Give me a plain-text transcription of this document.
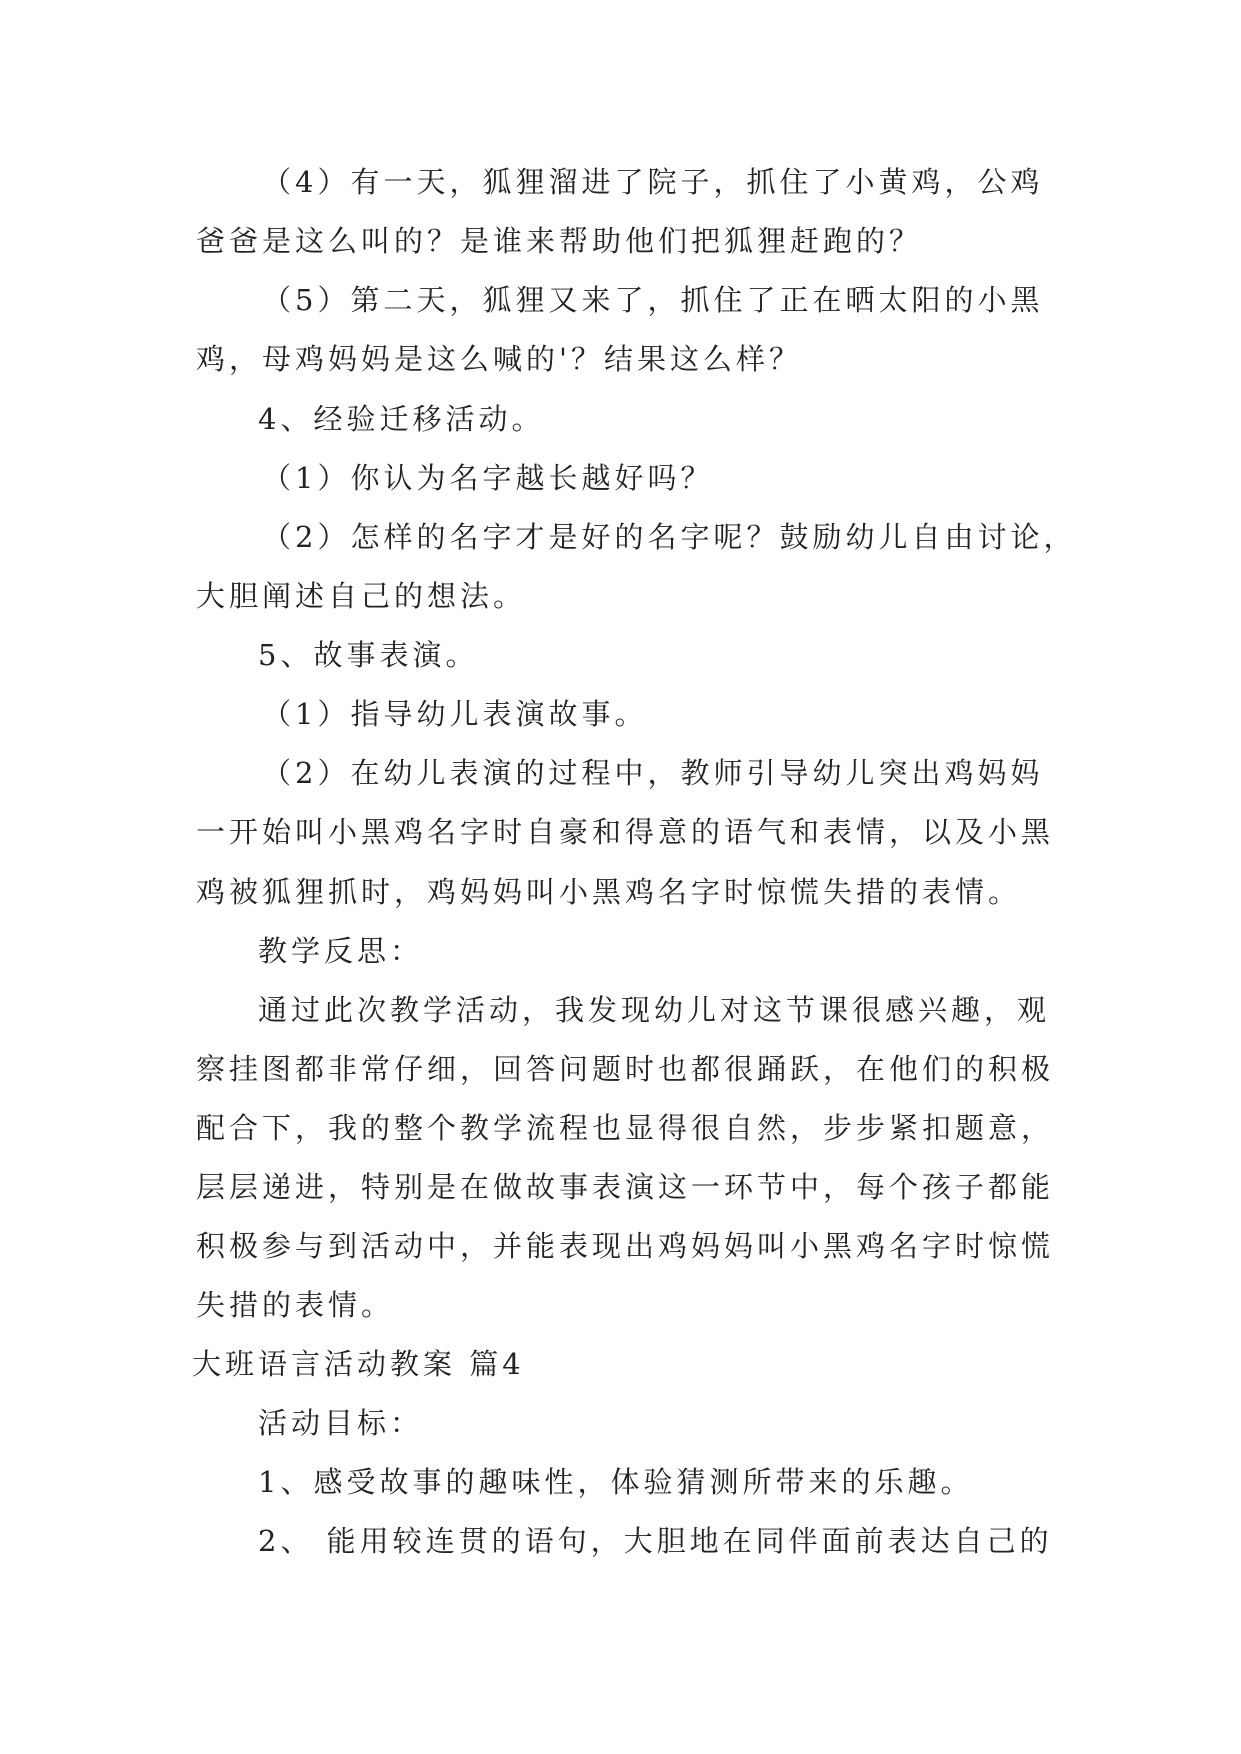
（4）有一天，狐狸溜进了院子，抓住了小黄鸡，公鸡
爸爸是这么叫的？是谁来帮助他们把狐狸赶跑的？
（5）第二天，狐狸又来了，抓住了正在晒太阳的小黑
鸡，母鸡妈妈是这么喊的'？结果这么样？
4、经验迁移活动。
（1）你认为名字越长越好吗？
（2）怎样的名字才是好的名字呢？鼓励幼儿自由讨论，
大胆阐述自己的想法。
5、故事表演。
（1）指导幼儿表演故事。
（2）在幼儿表演的过程中，教师引导幼儿突出鸡妈妈
一开始叫小黑鸡名字时自豪和得意的语气和表情，以及小黑
鸡被狐狸抓时，鸡妈妈叫小黑鸡名字时惊慌失措的表情。
教学反思：
通过此次教学活动，我发现幼儿对这节课很感兴趣，观
察挂图都非常仔细，回答问题时也都很踊跃，在他们的积极
配合下，我的整个教学流程也显得很自然，步步紧扣题意，
层层递进，特别是在做故事表演这一环节中，每个孩子都能
积极参与到活动中，并能表现出鸡妈妈叫小黑鸡名字时惊慌
失措的表情。
大班语言活动教案 篇4
活动目标：
1、感受故事的趣味性，体验猜测所带来的乐趣。
2、 能用较连贯的语句，大胆地在同伴面前表达自己的
